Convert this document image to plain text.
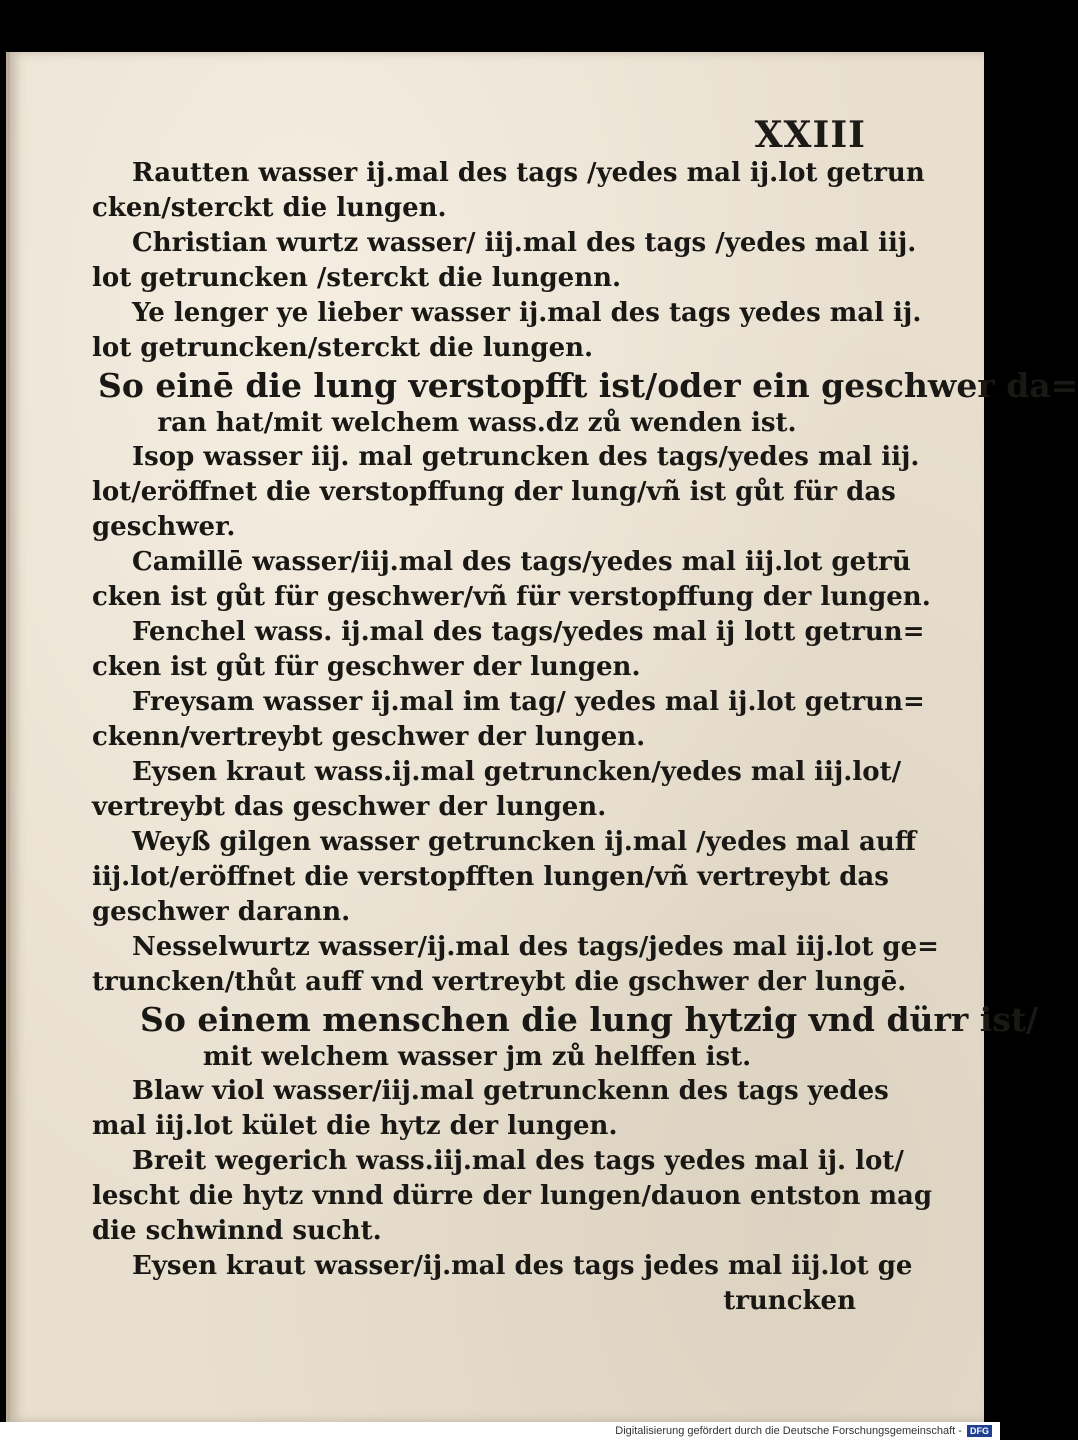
XXIII
Rautten wasser ij.mal des tags /yedes mal ij.lot getrun
cken/sterckt die lungen.
Christian wurtz wasser/ iij.mal des tags /yedes mal iij.
lot getruncken /sterckt die lungenn.
Ye lenger ye lieber wasser ij.mal des tags yedes mal ij.
lot getruncken/sterckt die lungen.
So einē die lung verstopfft ist/oder ein geschwer da=
ran hat/mit welchem wass.dz zů wenden ist.
Isop wasser iij. mal getruncken des tags/yedes mal iij.
lot/eröffnet die verstopffung der lung/vñ ist gůt für das
geschwer.
Camillē wasser/iij.mal des tags/yedes mal iij.lot getrū
cken ist gůt für geschwer/vñ für verstopffung der lungen.
Fenchel wass. ij.mal des tags/yedes mal ij lott getrun=
cken ist gůt für geschwer der lungen.
Freysam wasser ij.mal im tag/ yedes mal ij.lot getrun=
ckenn/vertreybt geschwer der lungen.
Eysen kraut wass.ij.mal getruncken/yedes mal iij.lot/
vertreybt das geschwer der lungen.
Weyß gilgen wasser getruncken ij.mal /yedes mal auff
iij.lot/eröffnet die verstopfften lungen/vñ vertreybt das
geschwer darann.
Nesselwurtz wasser/ij.mal des tags/jedes mal iij.lot ge=
truncken/thůt auff vnd vertreybt die gschwer der lungē.
So einem menschen die lung hytzig vnd dürr ist/
mit welchem wasser jm zů helffen ist.
Blaw viol wasser/iij.mal getrunckenn des tags yedes
mal iij.lot kület die hytz der lungen.
Breit wegerich wass.iij.mal des tags yedes mal ij. lot/
lescht die hytz vnnd dürre der lungen/dauon entston mag
die schwinnd sucht.
Eysen kraut wasser/ij.mal des tags jedes mal iij.lot ge
truncken
Digitalisierung gefördert durch die Deutsche Forschungsgemeinschaft - DFG
